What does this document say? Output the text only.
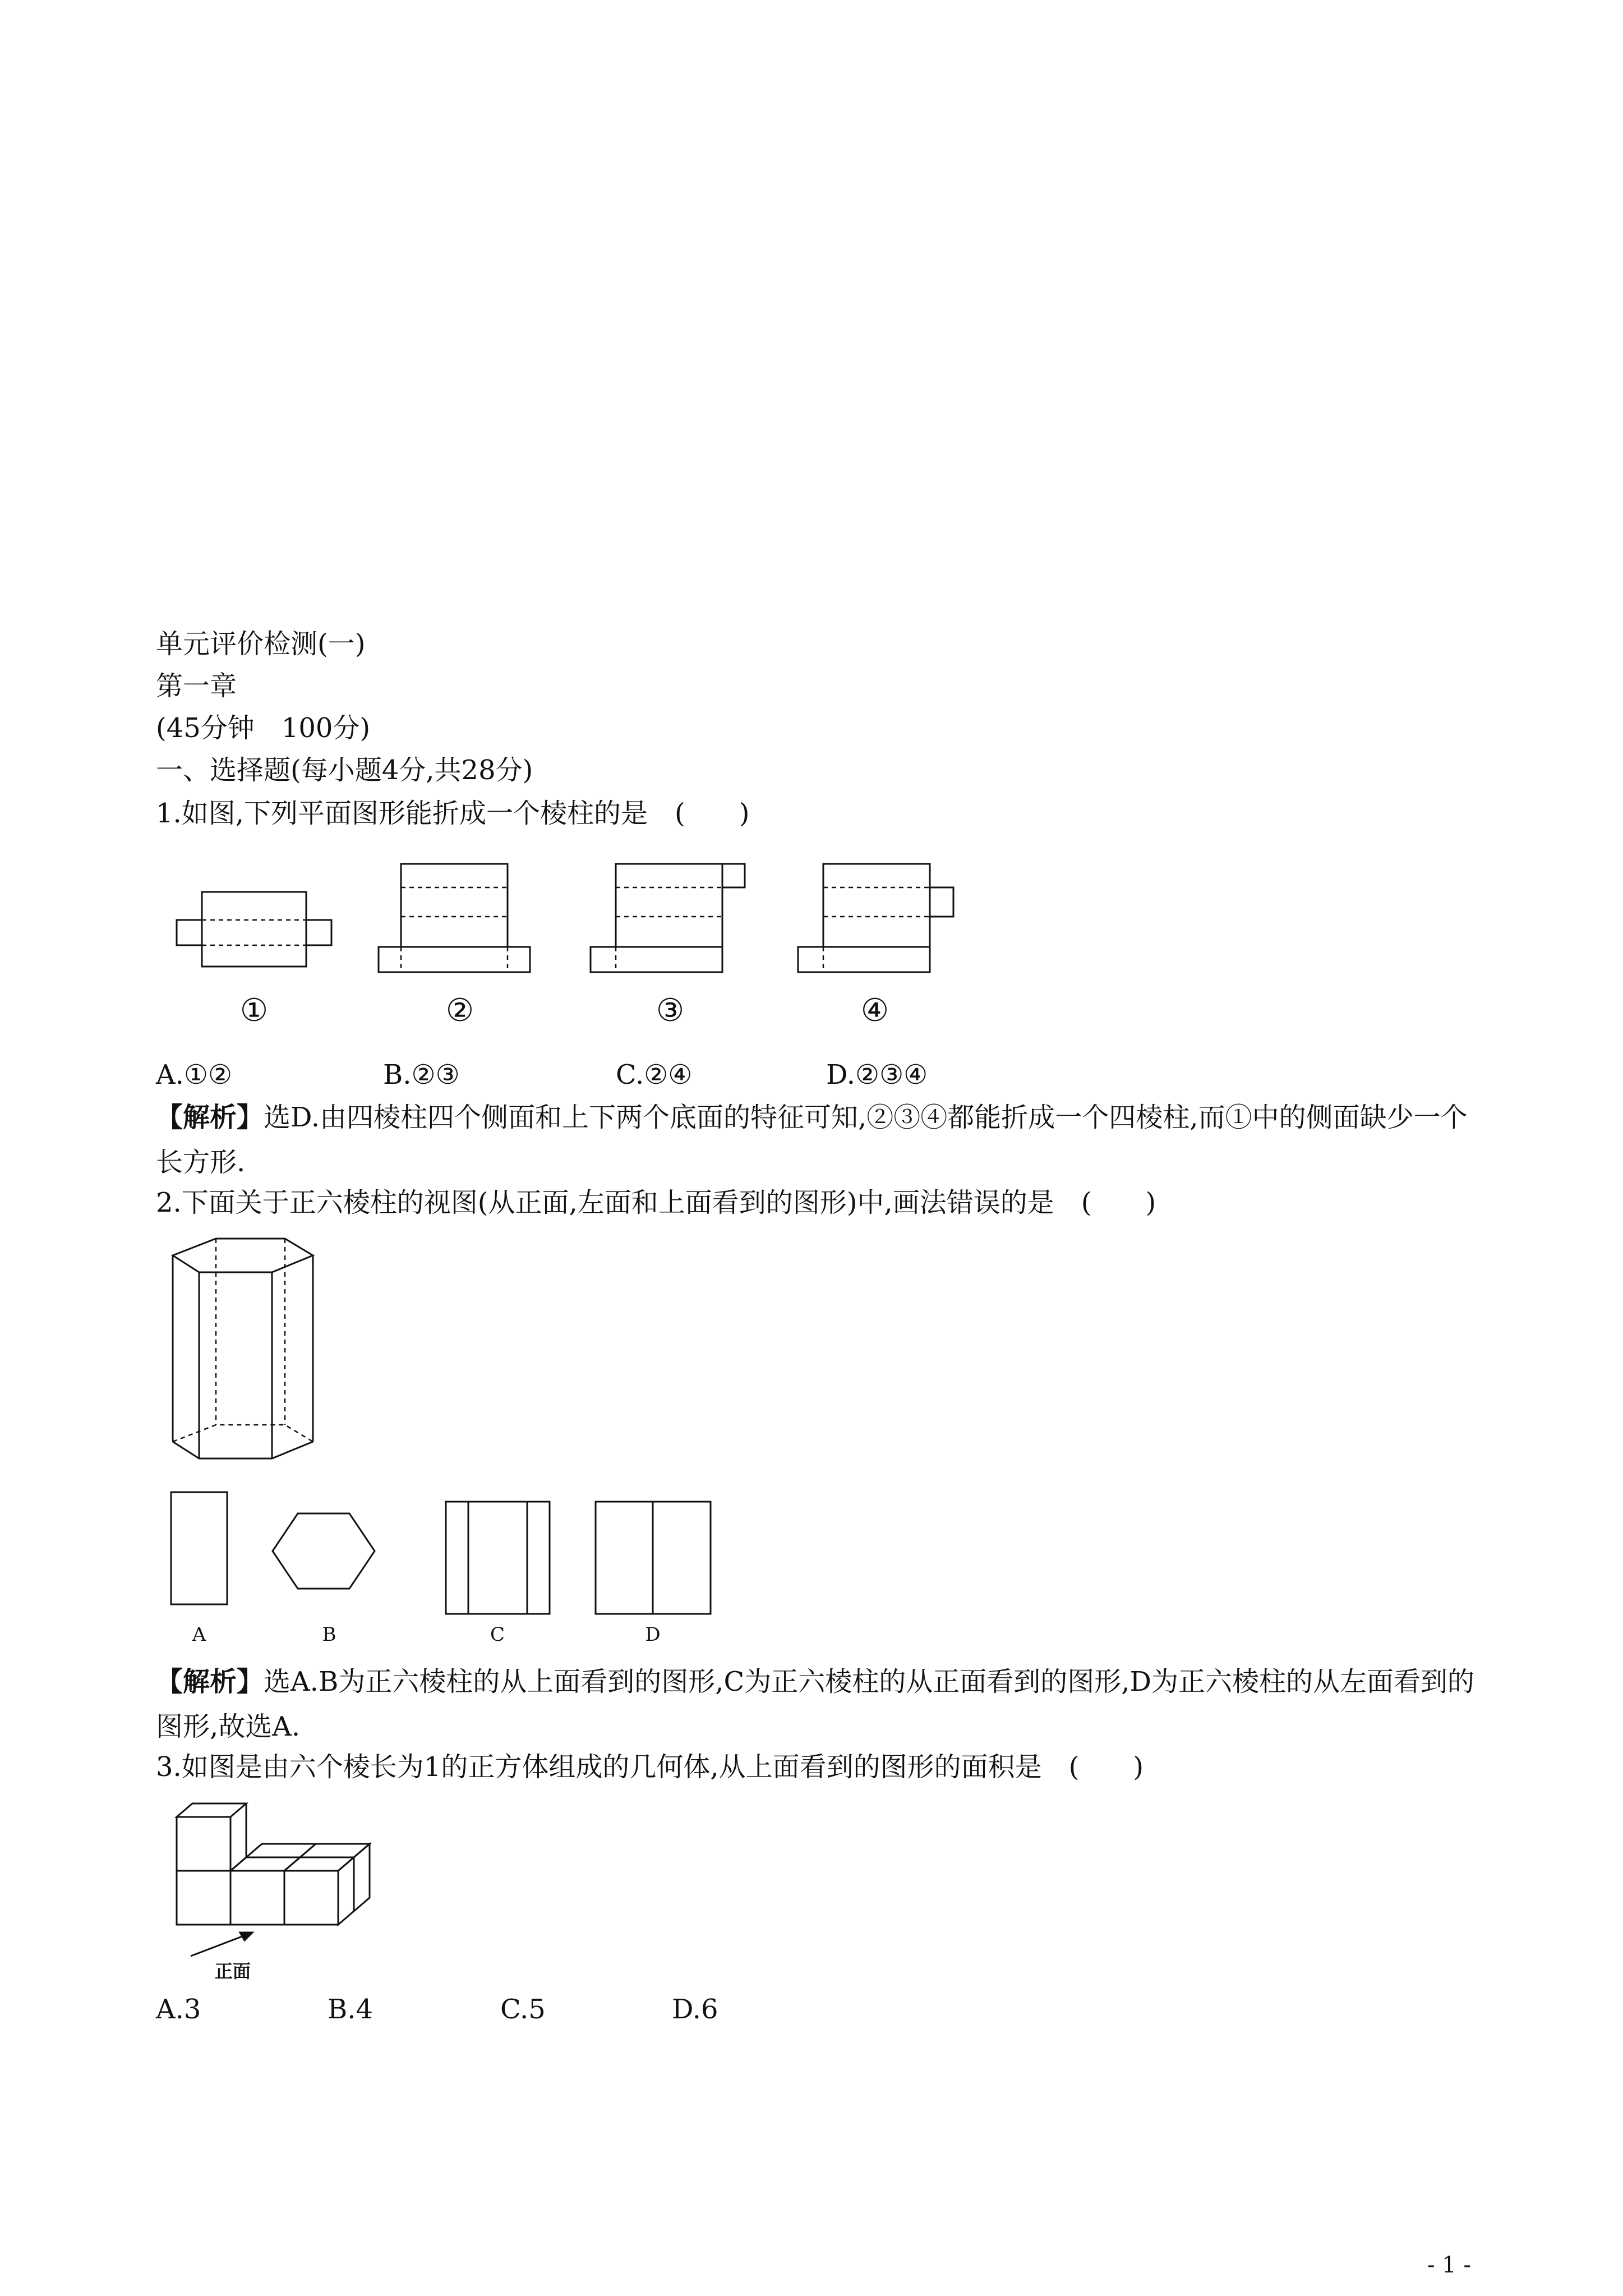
单元评价检测(一)
第一章
(45分钟　100分)
一、选择题(每小题4分,共28分)
1.如图,下列平面图形能折成一个棱柱的是　(　　)
①	②	③	④
A.①②	B.②③	C.②④	D.②③④
【解析】选D.由四棱柱四个侧面和上下两个底面的特征可知,②③④都能折成一个四棱柱,而①中的侧面缺少一个长方形.
2.下面关于正六棱柱的视图(从正面,左面和上面看到的图形)中,画法错误的是　(　　)
A	B	C	D
【解析】选A.B为正六棱柱的从上面看到的图形,C为正六棱柱的从正面看到的图形,D为正六棱柱的从左面看到的图形,故选A.
3.如图是由六个棱长为1的正方体组成的几何体,从上面看到的图形的面积是　(　　)
正面
A.3	B.4	C.5	D.6
- 1 -
